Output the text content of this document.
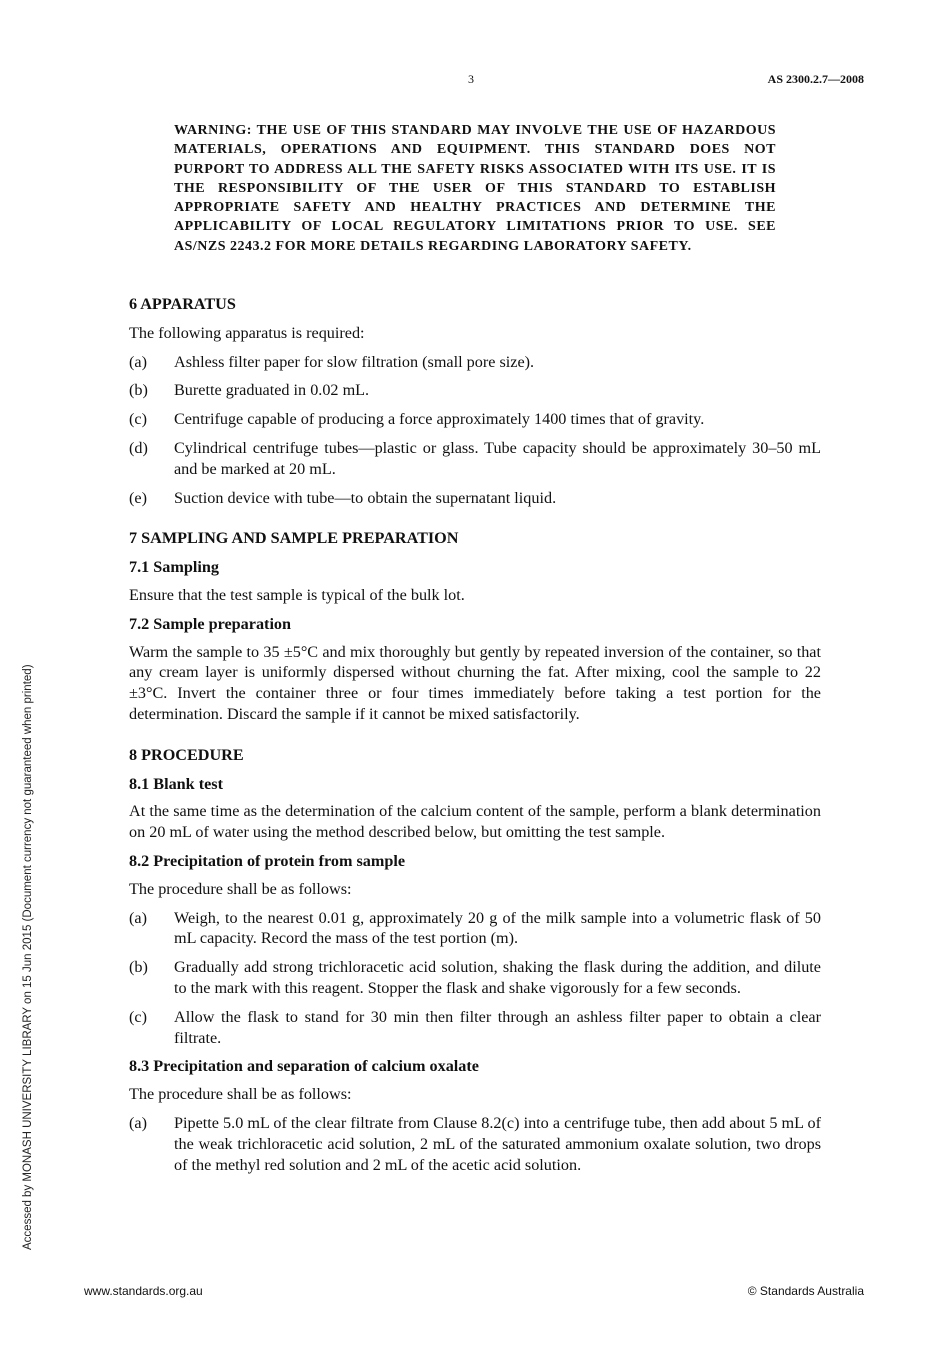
3	AS 2300.2.7—2008
Accessed by MONASH UNIVERSITY LIBRARY on 15 Jun 2015 (Document currency not guaranteed when printed)
WARNING: THE USE OF THIS STANDARD MAY INVOLVE THE USE OF HAZARDOUS MATERIALS, OPERATIONS AND EQUIPMENT. THIS STANDARD DOES NOT PURPORT TO ADDRESS ALL THE SAFETY RISKS ASSOCIATED WITH ITS USE. IT IS THE RESPONSIBILITY OF THE USER OF THIS STANDARD TO ESTABLISH APPROPRIATE SAFETY AND HEALTHY PRACTICES AND DETERMINE THE APPLICABILITY OF LOCAL REGULATORY LIMITATIONS PRIOR TO USE. SEE AS/NZS 2243.2 FOR MORE DETAILS REGARDING LABORATORY SAFETY.
6 APPARATUS
The following apparatus is required:
(a)	Ashless filter paper for slow filtration (small pore size).
(b)	Burette graduated in 0.02 mL.
(c)	Centrifuge capable of producing a force approximately 1400 times that of gravity.
(d)	Cylindrical centrifuge tubes—plastic or glass. Tube capacity should be approximately 30–50 mL and be marked at 20 mL.
(e)	Suction device with tube—to obtain the supernatant liquid.
7 SAMPLING AND SAMPLE PREPARATION
7.1 Sampling
Ensure that the test sample is typical of the bulk lot.
7.2 Sample preparation
Warm the sample to 35 ±5°C and mix thoroughly but gently by repeated inversion of the container, so that any cream layer is uniformly dispersed without churning the fat. After mixing, cool the sample to 22 ±3°C. Invert the container three or four times immediately before taking a test portion for the determination. Discard the sample if it cannot be mixed satisfactorily.
8 PROCEDURE
8.1 Blank test
At the same time as the determination of the calcium content of the sample, perform a blank determination on 20 mL of water using the method described below, but omitting the test sample.
8.2 Precipitation of protein from sample
The procedure shall be as follows:
(a)	Weigh, to the nearest 0.01 g, approximately 20 g of the milk sample into a volumetric flask of 50 mL capacity. Record the mass of the test portion (m).
(b)	Gradually add strong trichloracetic acid solution, shaking the flask during the addition, and dilute to the mark with this reagent. Stopper the flask and shake vigorously for a few seconds.
(c)	Allow the flask to stand for 30 min then filter through an ashless filter paper to obtain a clear filtrate.
8.3 Precipitation and separation of calcium oxalate
The procedure shall be as follows:
(a)	Pipette 5.0 mL of the clear filtrate from Clause 8.2(c) into a centrifuge tube, then add about 5 mL of the weak trichloracetic acid solution, 2 mL of the saturated ammonium oxalate solution, two drops of the methyl red solution and 2 mL of the acetic acid solution.
www.standards.org.au	© Standards Australia
